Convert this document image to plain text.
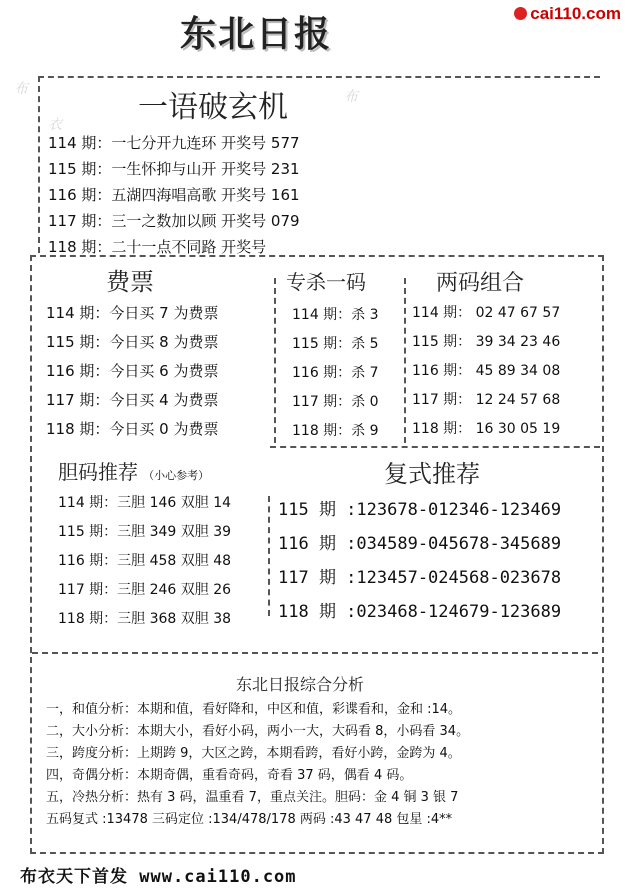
东北日报	cai110.com
布	布
衣	一语破玄机
114 期：一七分开九连环 开奖号 577
115 期：一生怀抑与山开 开奖号 231
116 期：五湖四海唱高歌 开奖号 161
117 期：三一之数加以顾 开奖号 079
118 期：二十一点不同路 开奖号
费票
114 期：今日买 7 为费票
115 期：今日买 8 为费票
116 期：今日买 6 为费票
117 期：今日买 4 为费票
118 期：今日买 0 为费票
专杀一码
114 期：杀 3
115 期：杀 5
116 期：杀 7
117 期：杀 0
118 期：杀 9
两码组合
114 期： 02 47 67 57
115 期： 39 34 23 46
116 期： 45 89 34 08
117 期： 12 24 57 68
118 期： 16 30 05 19
胆码推荐 （小心参考）
114 期：三胆 146 双胆 14
115 期：三胆 349 双胆 39
116 期：三胆 458 双胆 48
117 期：三胆 246 双胆 26
118 期：三胆 368 双胆 38
复式推荐
115 期 :123678-012346-123469
116 期 :034589-045678-345689
117 期 :123457-024568-023678
118 期 :023468-124679-123689
东北日报综合分析
一，和值分析：本期和值，看好降和，中区和值，彩谍看和，金和 :14。
二，大小分析：本期大小，看好小码，两小一大，大码看 8，小码看 34。
三，跨度分析：上期跨 9，大区之跨，本期看跨，看好小跨，金跨为 4。
四，奇偶分析：本期奇偶，重看奇码，奇看 37 码，偶看 4 码。
五，冷热分析：热有 3 码，温重看 7，重点关注。胆码：金 4 铜 3 银 7
五码复式 :13478 三码定位 :134/478/178 两码 :43 47 48 包星 :4**
布衣天下首发 www.cai110.com
